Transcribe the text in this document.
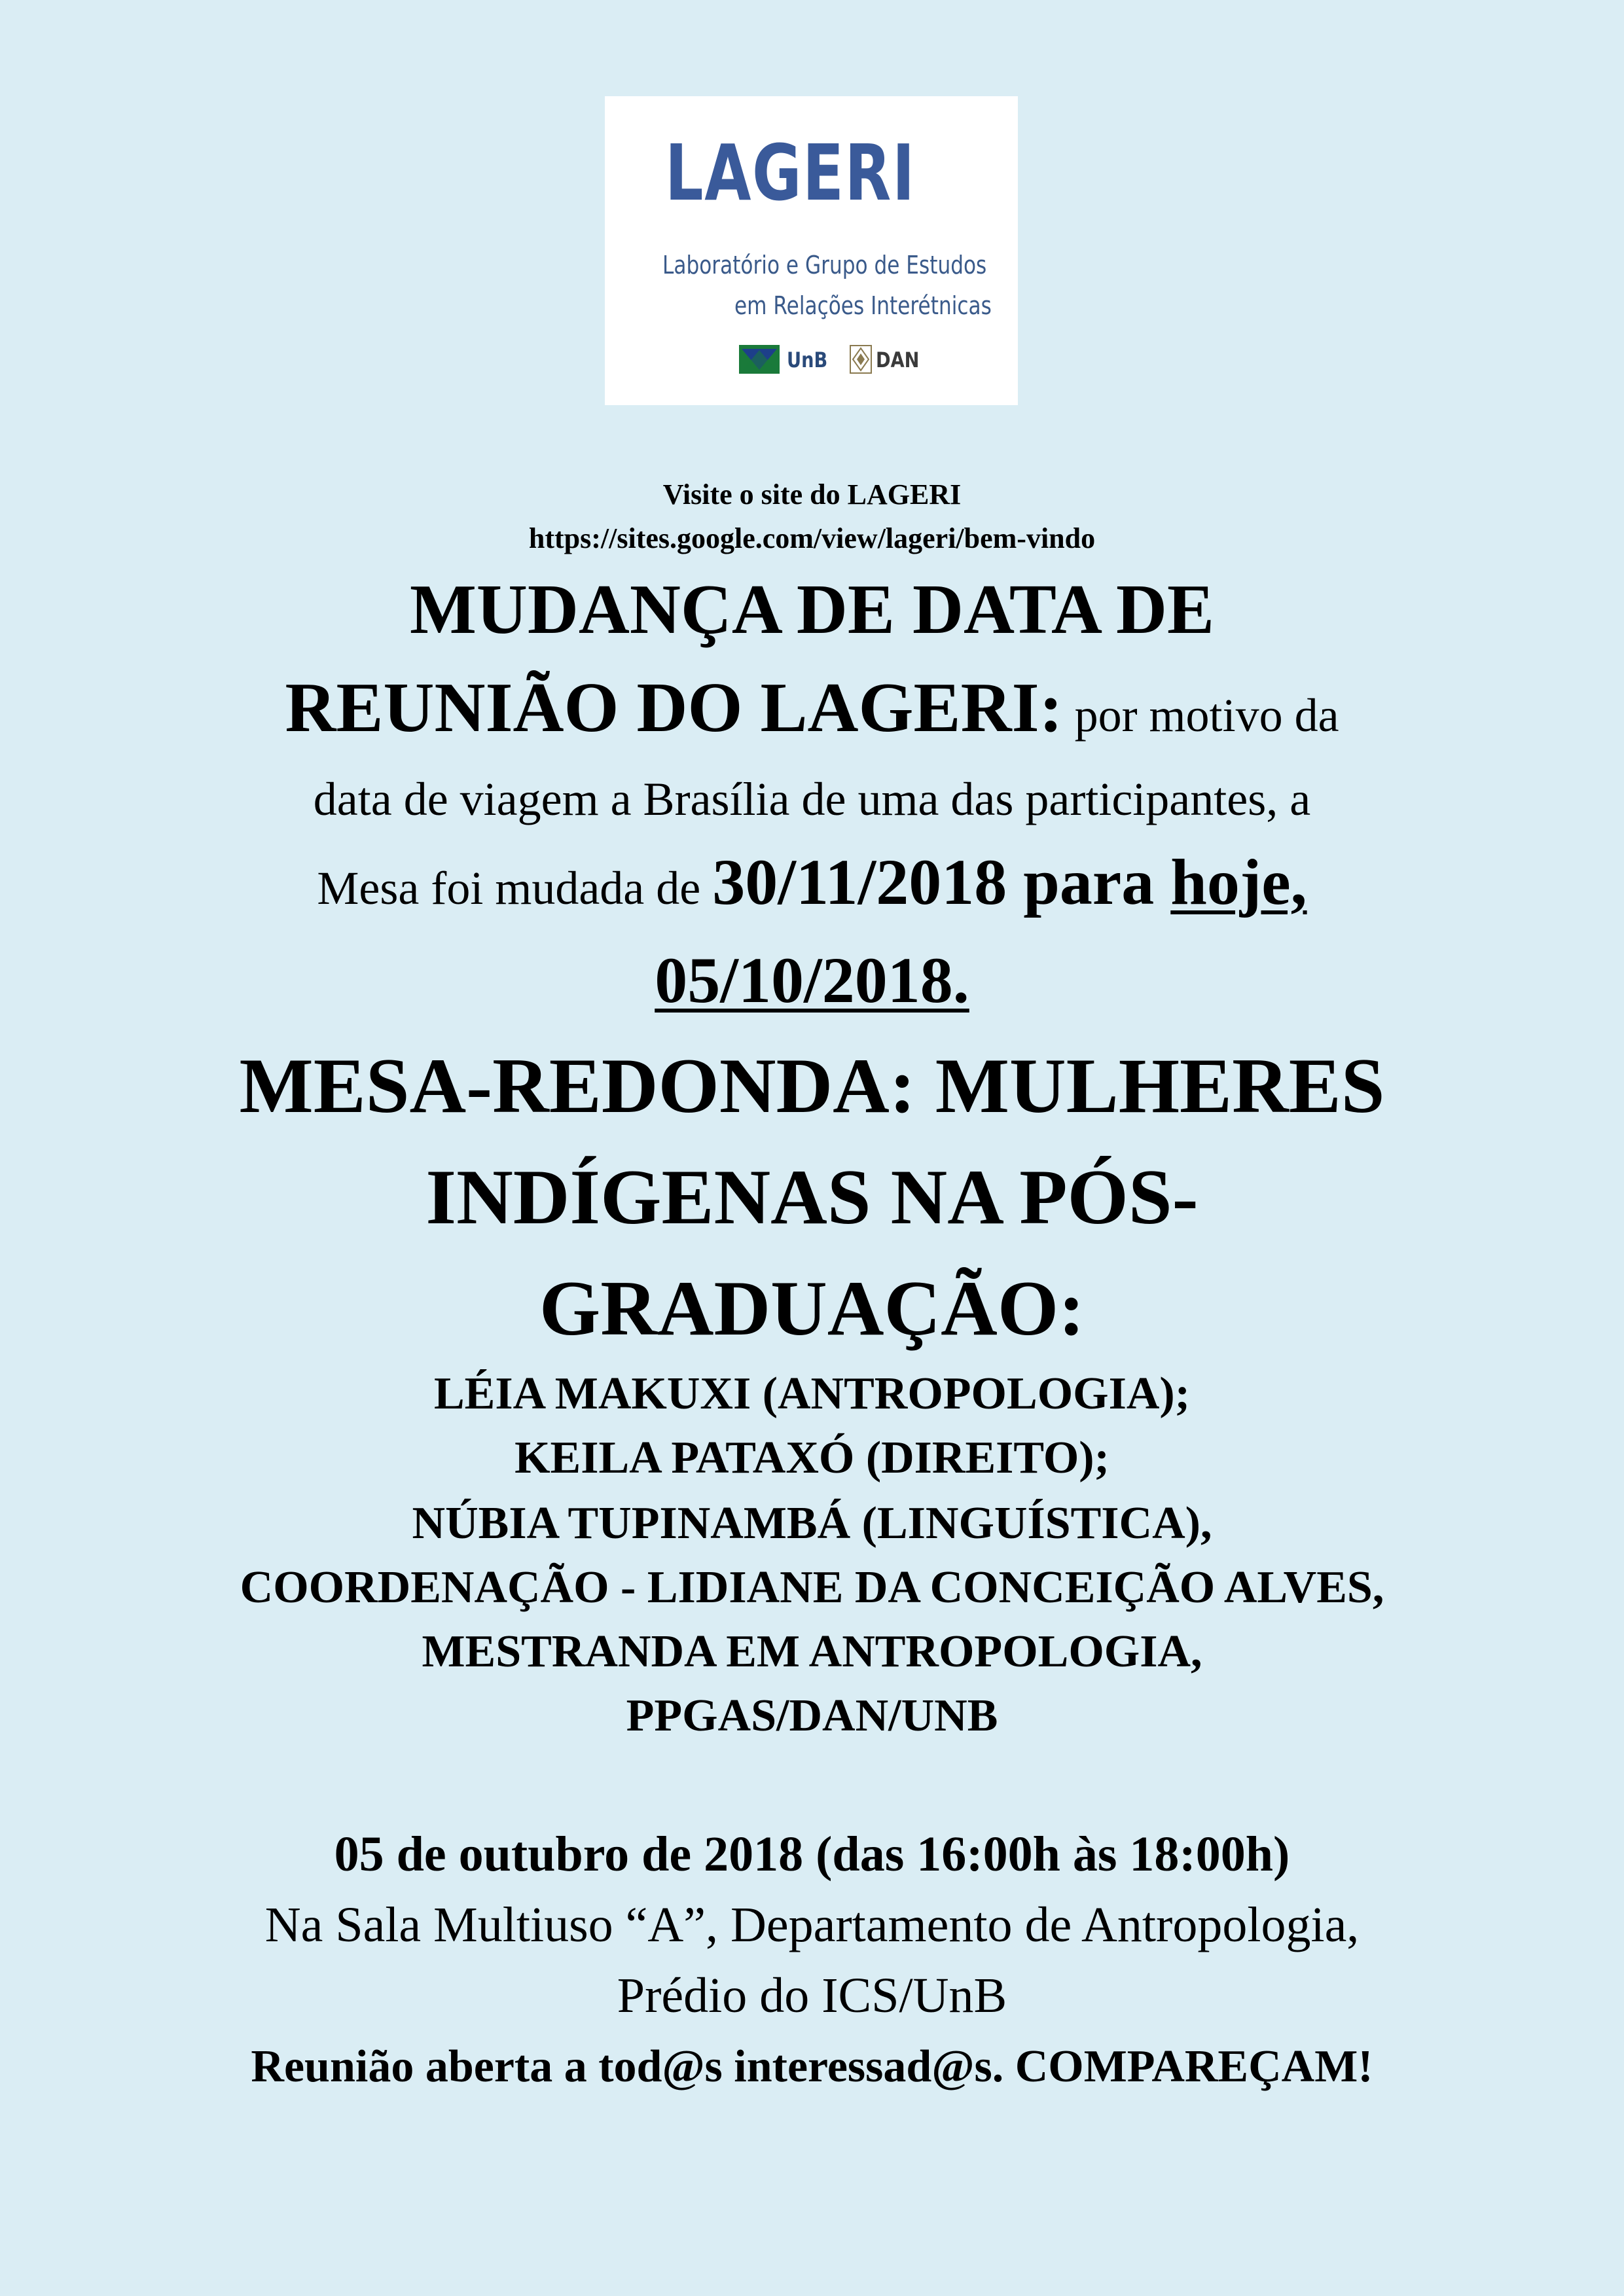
LAGERI
Laboratório e Grupo de Estudos
em Relações Interétnicas
UnB DAN
Visite o site do LAGERI
https://sites.google.com/view/lageri/bem-vindo
MUDANÇA DE DATA DE
REUNIÃO DO LAGERI: por motivo da
data de viagem a Brasília de uma das participantes, a
Mesa foi mudada de 30/11/2018 para hoje,
05/10/2018.
MESA-REDONDA: MULHERES
INDÍGENAS NA PÓS-
GRADUAÇÃO:
LÉIA MAKUXI (ANTROPOLOGIA);
KEILA PATAXÓ (DIREITO);
NÚBIA TUPINAMBÁ (LINGUÍSTICA),
COORDENAÇÃO - LIDIANE DA CONCEIÇÃO ALVES,
MESTRANDA EM ANTROPOLOGIA,
PPGAS/DAN/UNB
05 de outubro de 2018 (das 16:00h às 18:00h)
Na Sala Multiuso “A”, Departamento de Antropologia,
Prédio do ICS/UnB
Reunião aberta a tod@s interessad@s. COMPAREÇAM!
